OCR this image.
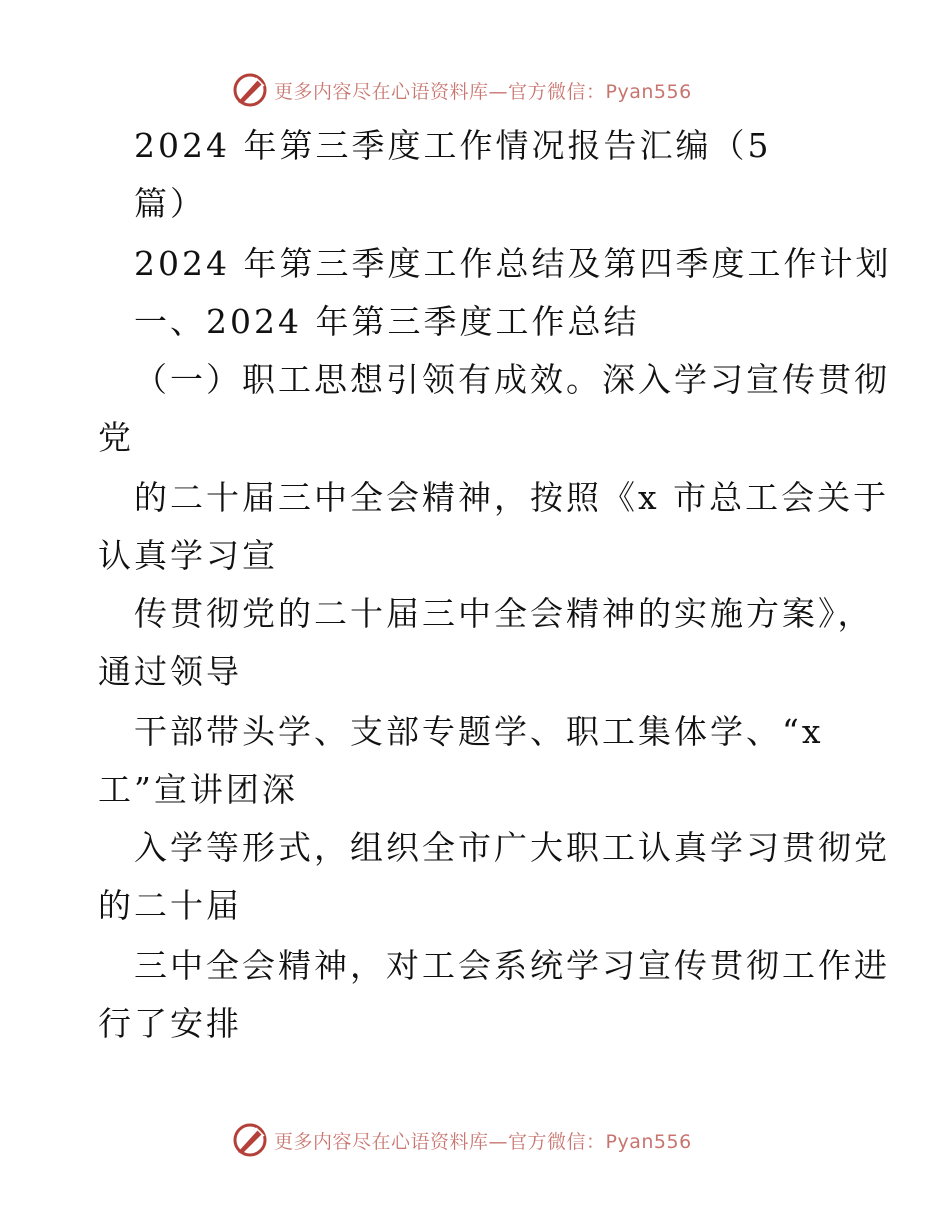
更多内容尽在心语资料库—官方微信：Pyan556
2024 年第三季度工作情况报告汇编（5
篇）
2024 年第三季度工作总结及第四季度工作计划
一、2024 年第三季度工作总结
（一）职工思想引领有成效。深入学习宣传贯彻
党
的二十届三中全会精神，按照《x 市总工会关于
认真学习宣
传贯彻党的二十届三中全会精神的实施方案》，
通过领导
干部带头学、支部专题学、职工集体学、“x
工”宣讲团深
入学等形式，组织全市广大职工认真学习贯彻党
的二十届
三中全会精神，对工会系统学习宣传贯彻工作进
行了安排
更多内容尽在心语资料库—官方微信：Pyan556
